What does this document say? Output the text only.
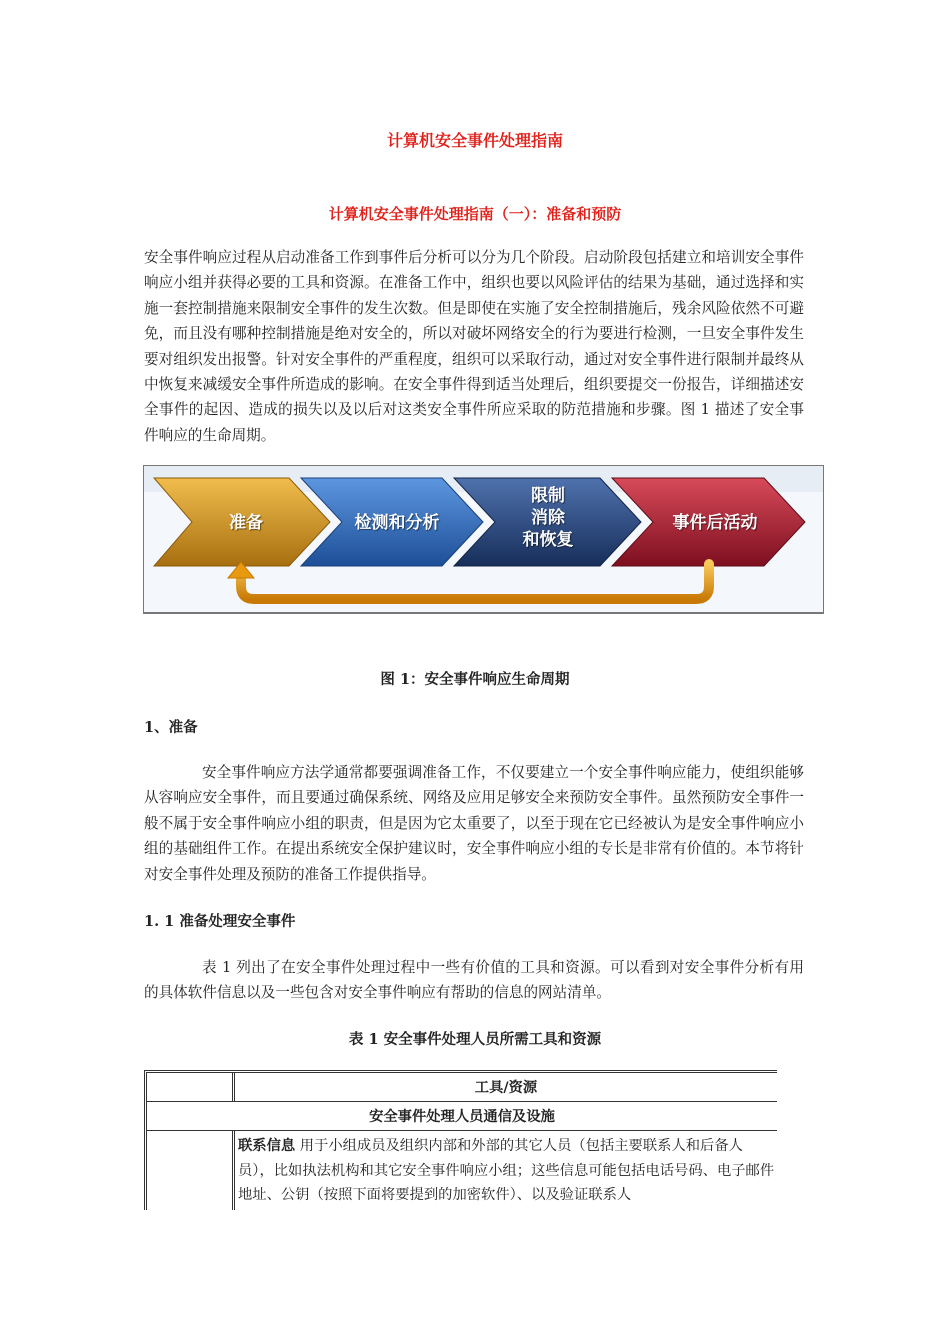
计算机安全事件处理指南
计算机安全事件处理指南（一）：准备和预防

安全事件响应过程从启动准备工作到事件后分析可以分为几个阶段。启动阶段包括建立和培训安全事件响应小组并获得必要的工具和资源。在准备工作中，组织也要以风险评估的结果为基础，通过选择和实施一套控制措施来限制安全事件的发生次数。但是即使在实施了安全控制措施后，残余风险依然不可避免，而且没有哪种控制措施是绝对安全的，所以对破坏网络安全的行为要进行检测，一旦安全事件发生要对组织发出报警。针对安全事件的严重程度，组织可以采取行动，通过对安全事件进行限制并最终从中恢复来减缓安全事件所造成的影响。在安全事件得到适当处理后，组织要提交一份报告，详细描述安全事件的起因、造成的损失以及以后对这类安全事件所应采取的防范措施和步骤。图 1 描述了安全事件响应的生命周期。

准备	检测和分析
限制
消除
和恢复
事件后活动
图 1：安全事件响应生命周期
1、准备

安全事件响应方法学通常都要强调准备工作，不仅要建立一个安全事件响应能力，使组织能够从容响应安全事件，而且要通过确保系统、网络及应用足够安全来预防安全事件。虽然预防安全事件一般不属于安全事件响应小组的职责，但是因为它太重要了，以至于现在它已经被认为是安全事件响应小组的基础组件工作。在提出系统安全保护建议时，安全事件响应小组的专长是非常有价值的。本节将针对安全事件处理及预防的准备工作提供指导。

1. 1 准备处理安全事件

表 1 列出了在安全事件处理过程中一些有价值的工具和资源。可以看到对安全事件分析有用的具体软件信息以及一些包含对安全事件响应有帮助的信息的网站清单。

表 1 安全事件处理人员所需工具和资源
工具/资源
安全事件处理人员通信及设施
联系信息 用于小组成员及组织内部和外部的其它人员（包括主要联系人和后备人员），比如执法机构和其它安全事件响应小组；这些信息可能包括电话号码、电子邮件地址、公钥（按照下面将要提到的加密软件）、以及验证联系人
